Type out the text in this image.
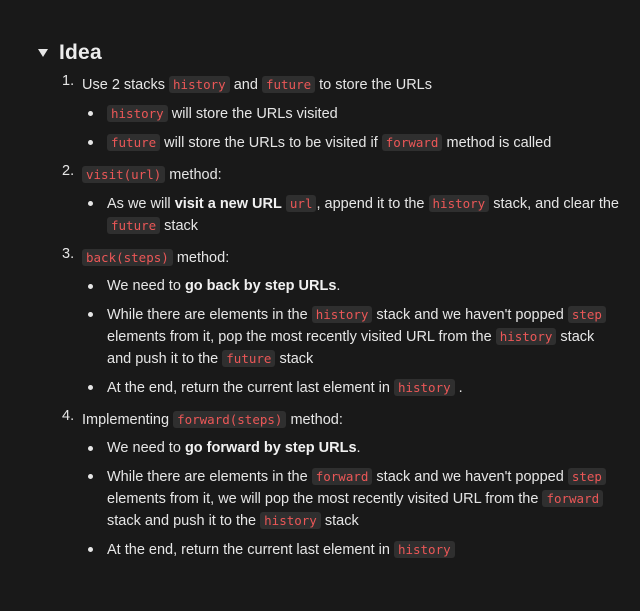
Idea
1. Use 2 stacks history and future to store the URLs
history will store the URLs visited
future will store the URLs to be visited if forward method is called
2. visit(url) method:
As we will visit a new URL url , append it to the history stack, and clear the future stack
3. back(steps) method:
We need to go back by step URLs.
While there are elements in the history stack and we haven't popped step elements from it, pop the most recently visited URL from the history stack and push it to the future stack
At the end, return the current last element in history .
4. Implementing forward(steps) method:
We need to go forward by step URLs.
While there are elements in the forward stack and we haven't popped step elements from it, we will pop the most recently visited URL from the forward stack and push it to the history stack
At the end, return the current last element in history
